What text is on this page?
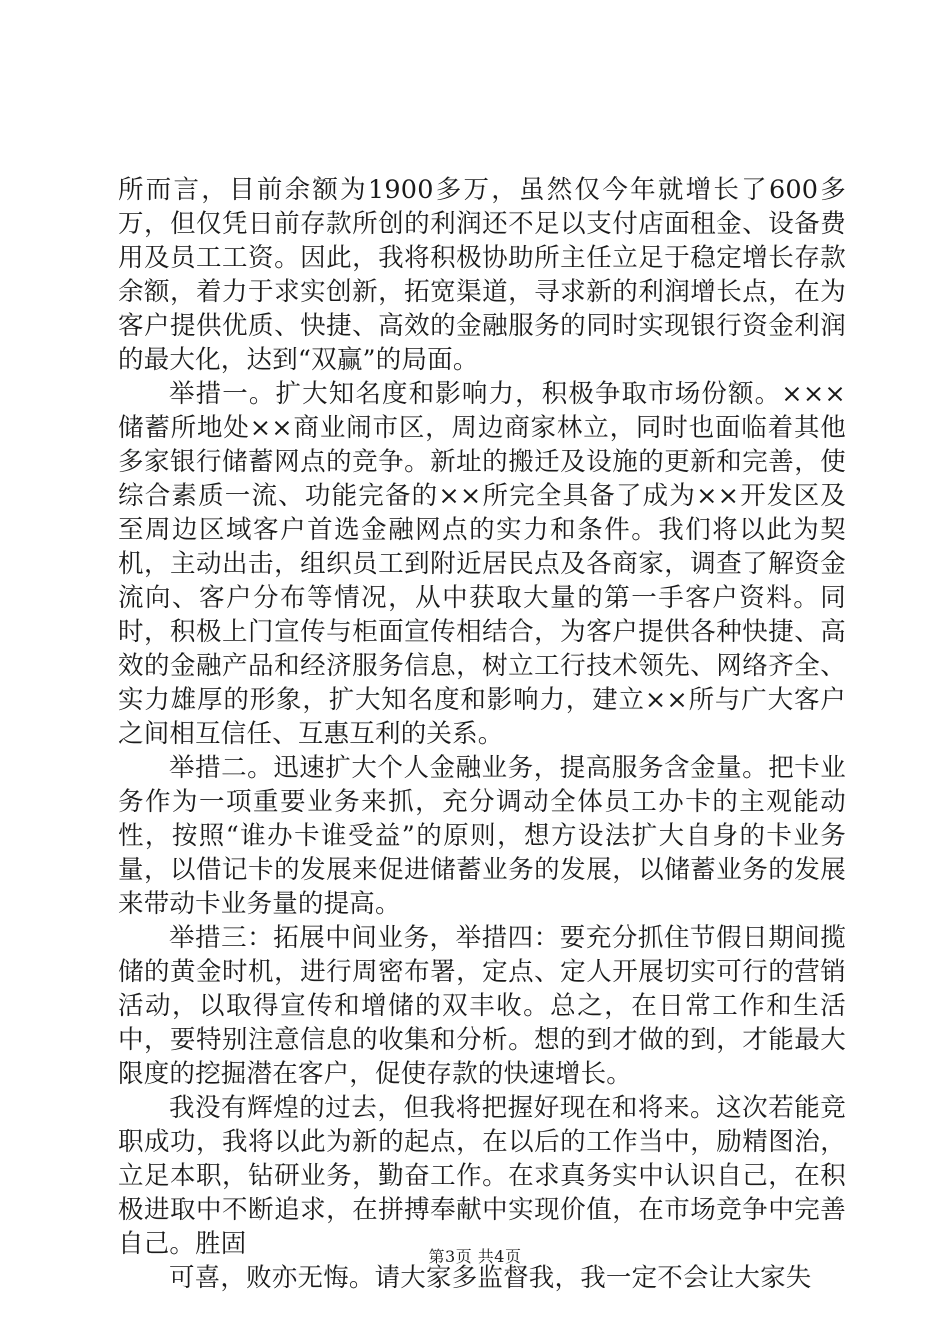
所而言，目前余额为1900多万，虽然仅今年就增长了600多万，但仅凭日前存款所创的利润还不足以支付店面租金、设备费用及员工工资。因此，我将积极协助所主任立足于稳定增长存款余额，着力于求实创新，拓宽渠道，寻求新的利润增长点，在为客户提供优质、快捷、高效的金融服务的同时实现银行资金利润的最大化，达到“双赢”的局面。

举措一。扩大知名度和影响力，积极争取市场份额。×××储蓄所地处××商业闹市区，周边商家林立，同时也面临着其他多家银行储蓄网点的竞争。新址的搬迁及设施的更新和完善，使综合素质一流、功能完备的××所完全具备了成为××开发区及至周边区域客户首选金融网点的实力和条件。我们将以此为契机，主动出击，组织员工到附近居民点及各商家，调查了解资金流向、客户分布等情况，从中获取大量的第一手客户资料。同时，积极上门宣传与柜面宣传相结合，为客户提供各种快捷、高效的金融产品和经济服务信息，树立工行技术领先、网络齐全、实力雄厚的形象，扩大知名度和影响力，建立××所与广大客户之间相互信任、互惠互利的关系。

举措二。迅速扩大个人金融业务，提高服务含金量。把卡业务作为一项重要业务来抓，充分调动全体员工办卡的主观能动性，按照“谁办卡谁受益”的原则，想方设法扩大自身的卡业务量，以借记卡的发展来促进储蓄业务的发展，以储蓄业务的发展来带动卡业务量的提高。

举措三：拓展中间业务，举措四：要充分抓住节假日期间揽储的黄金时机，进行周密布署，定点、定人开展切实可行的营销活动，以取得宣传和增储的双丰收。总之，在日常工作和生活中，要特别注意信息的收集和分析。想的到才做的到，才能最大限度的挖掘潜在客户，促使存款的快速增长。

我没有辉煌的过去，但我将把握好现在和将来。这次若能竞职成功，我将以此为新的起点，在以后的工作当中，励精图治，立足本职，钻研业务，勤奋工作。在求真务实中认识自己，在积极进取中不断追求，在拼搏奉献中实现价值，在市场竞争中完善自己。胜固

可喜，败亦无悔。请大家多监督我，我一定不会让大家失

第3页 共4页
